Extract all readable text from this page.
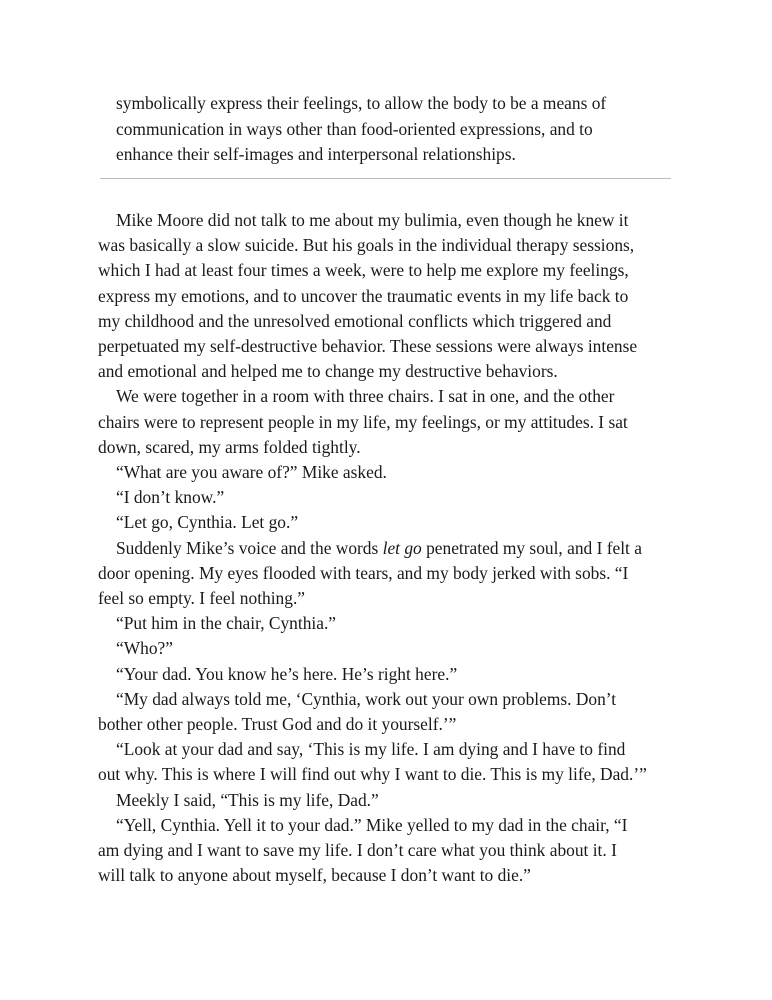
symbolically express their feelings, to allow the body to be a means of
communication in ways other than food-oriented expressions, and to
enhance their self-images and interpersonal relationships.
Mike Moore did not talk to me about my bulimia, even though he knew it
was basically a slow suicide. But his goals in the individual therapy sessions,
which I had at least four times a week, were to help me explore my feelings,
express my emotions, and to uncover the traumatic events in my life back to
my childhood and the unresolved emotional conflicts which triggered and
perpetuated my self-destructive behavior. These sessions were always intense
and emotional and helped me to change my destructive behaviors.
We were together in a room with three chairs. I sat in one, and the other
chairs were to represent people in my life, my feelings, or my attitudes. I sat
down, scared, my arms folded tightly.
“What are you aware of?” Mike asked.
“I don’t know.”
“Let go, Cynthia. Let go.”
Suddenly Mike’s voice and the words let go penetrated my soul, and I felt a
door opening. My eyes flooded with tears, and my body jerked with sobs. “I
feel so empty. I feel nothing.”
“Put him in the chair, Cynthia.”
“Who?”
“Your dad. You know he’s here. He’s right here.”
“My dad always told me, ‘Cynthia, work out your own problems. Don’t
bother other people. Trust God and do it yourself.’”
“Look at your dad and say, ‘This is my life. I am dying and I have to find
out why. This is where I will find out why I want to die. This is my life, Dad.’”
Meekly I said, “This is my life, Dad.”
“Yell, Cynthia. Yell it to your dad.” Mike yelled to my dad in the chair, “I
am dying and I want to save my life. I don’t care what you think about it. I
will talk to anyone about myself, because I don’t want to die.”
